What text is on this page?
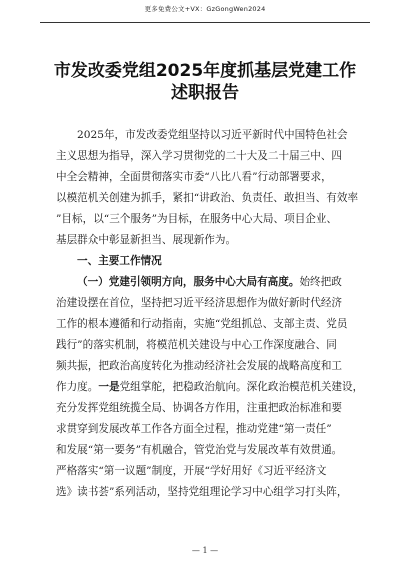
更多免费公文+VX：GzGongWen2024
市发改委党组2025年度抓基层党建工作
述职报告
2025年，市发改委党组坚持以习近平新时代中国特色社会
主义思想为指导，深入学习贯彻党的二十大及二十届三中、四
中全会精神，全面贯彻落实市委“八比八看”行动部署要求，
以模范机关创建为抓手，紧扣“讲政治、负责任、敢担当、有效率
”目标，以“三个服务”为目标，在服务中心大局、项目企业、
基层群众中彰显新担当、展现新作为。
一、主要工作情况
（一）党建引领明方向，服务中心大局有高度。始终把政
治建设摆在首位，坚持把习近平经济思想作为做好新时代经济
工作的根本遵循和行动指南，实施“党组抓总、支部主责、党员
践行”的落实机制，将模范机关建设与中心工作深度融合、同
频共振，把政治高度转化为推动经济社会发展的战略高度和工
作力度。一是党组掌舵，把稳政治航向。深化政治模范机关建设，
充分发挥党组统揽全局、协调各方作用，注重把政治标准和要
求贯穿到发展改革工作各方面全过程，推动党建“第一责任”
和发展“第一要务”有机融合，管党治党与发展改革有效贯通。
严格落实“第一议题”制度，开展“学好用好《习近平经济文
选》读书荟”系列活动，坚持党组理论学习中心组学习打头阵，
— 1 —
